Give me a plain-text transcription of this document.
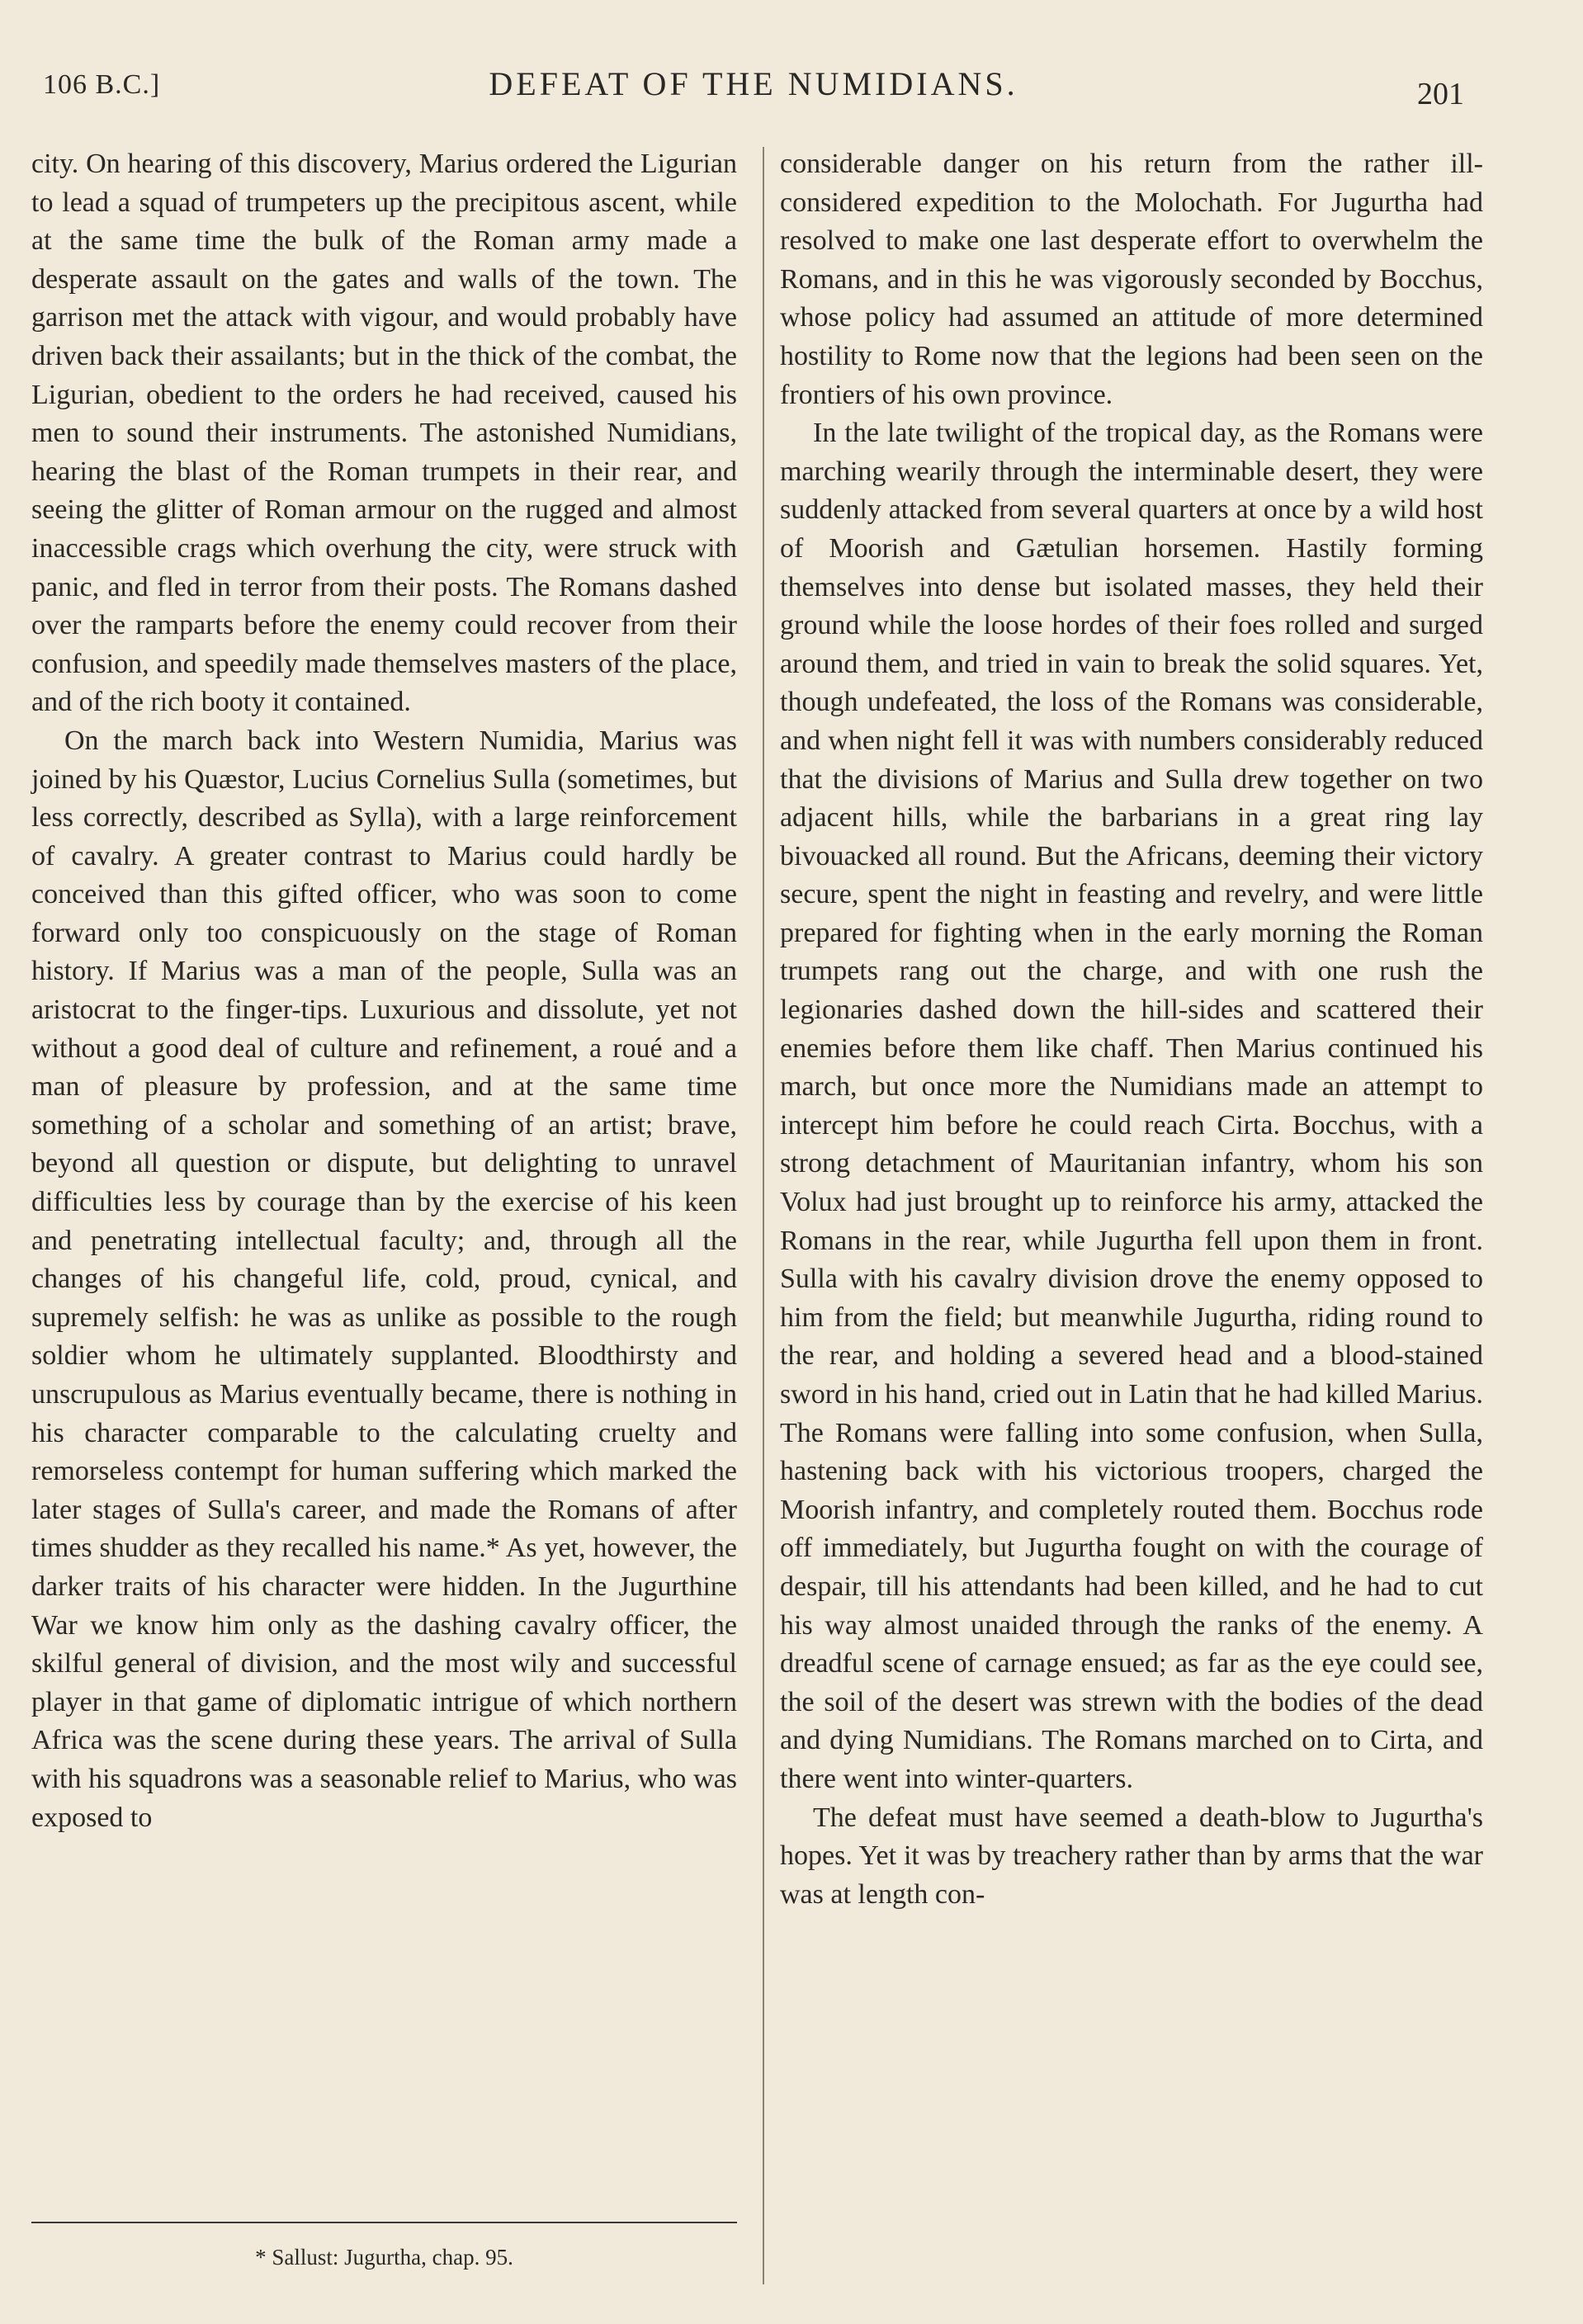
106 B.C.]	DEFEAT OF THE NUMIDIANS.	201

city. On hearing of this discovery, Marius ordered the Ligurian to lead a squad of trumpeters up the precipitous ascent, while at the same time the bulk of the Roman army made a desperate assault on the gates and walls of the town. The garrison met the attack with vigour, and would probably have driven back their assailants; but in the thick of the combat, the Ligurian, obedient to the orders he had received, caused his men to sound their instruments. The astonished Numidians, hearing the blast of the Roman trumpets in their rear, and seeing the glitter of Roman armour on the rugged and almost inaccessible crags which overhung the city, were struck with panic, and fled in terror from their posts. The Romans dashed over the ramparts before the enemy could recover from their confusion, and speedily made themselves masters of the place, and of the rich booty it contained.

On the march back into Western Numidia, Marius was joined by his Quæstor, Lucius Cornelius Sulla (sometimes, but less correctly, described as Sylla), with a large reinforcement of cavalry. A greater contrast to Marius could hardly be conceived than this gifted officer, who was soon to come forward only too conspicuously on the stage of Roman history. If Marius was a man of the people, Sulla was an aristocrat to the finger-tips. Luxurious and dissolute, yet not without a good deal of culture and refinement, a roué and a man of pleasure by profession, and at the same time something of a scholar and something of an artist; brave, beyond all question or dispute, but delighting to unravel difficulties less by courage than by the exercise of his keen and penetrating intellectual faculty; and, through all the changes of his changeful life, cold, proud, cynical, and supremely selfish: he was as unlike as possible to the rough soldier whom he ultimately supplanted. Bloodthirsty and unscrupulous as Marius eventually became, there is nothing in his character comparable to the calculating cruelty and remorseless contempt for human suffering which marked the later stages of Sulla's career, and made the Romans of after times shudder as they recalled his name.* As yet, however, the darker traits of his character were hidden. In the Jugurthine War we know him only as the dashing cavalry officer, the skilful general of division, and the most wily and successful player in that game of diplomatic intrigue of which northern Africa was the scene during these years. The arrival of Sulla with his squadrons was a seasonable relief to Marius, who was exposed to

considerable danger on his return from the rather ill-considered expedition to the Molochath. For Jugurtha had resolved to make one last desperate effort to overwhelm the Romans, and in this he was vigorously seconded by Bocchus, whose policy had assumed an attitude of more determined hostility to Rome now that the legions had been seen on the frontiers of his own province.

In the late twilight of the tropical day, as the Romans were marching wearily through the interminable desert, they were suddenly attacked from several quarters at once by a wild host of Moorish and Gætulian horsemen. Hastily forming themselves into dense but isolated masses, they held their ground while the loose hordes of their foes rolled and surged around them, and tried in vain to break the solid squares. Yet, though undefeated, the loss of the Romans was considerable, and when night fell it was with numbers considerably reduced that the divisions of Marius and Sulla drew together on two adjacent hills, while the barbarians in a great ring lay bivouacked all round. But the Africans, deeming their victory secure, spent the night in feasting and revelry, and were little prepared for fighting when in the early morning the Roman trumpets rang out the charge, and with one rush the legionaries dashed down the hill-sides and scattered their enemies before them like chaff. Then Marius continued his march, but once more the Numidians made an attempt to intercept him before he could reach Cirta. Bocchus, with a strong detachment of Mauritanian infantry, whom his son Volux had just brought up to reinforce his army, attacked the Romans in the rear, while Jugurtha fell upon them in front. Sulla with his cavalry division drove the enemy opposed to him from the field; but meanwhile Jugurtha, riding round to the rear, and holding a severed head and a blood-stained sword in his hand, cried out in Latin that he had killed Marius. The Romans were falling into some confusion, when Sulla, hastening back with his victorious troopers, charged the Moorish infantry, and completely routed them. Bocchus rode off immediately, but Jugurtha fought on with the courage of despair, till his attendants had been killed, and he had to cut his way almost unaided through the ranks of the enemy. A dreadful scene of carnage ensued; as far as the eye could see, the soil of the desert was strewn with the bodies of the dead and dying Numidians. The Romans marched on to Cirta, and there went into winter-quarters.

The defeat must have seemed a death-blow to Jugurtha's hopes. Yet it was by treachery rather than by arms that the war was at length con-

* Sallust: Jugurtha, chap. 95.
